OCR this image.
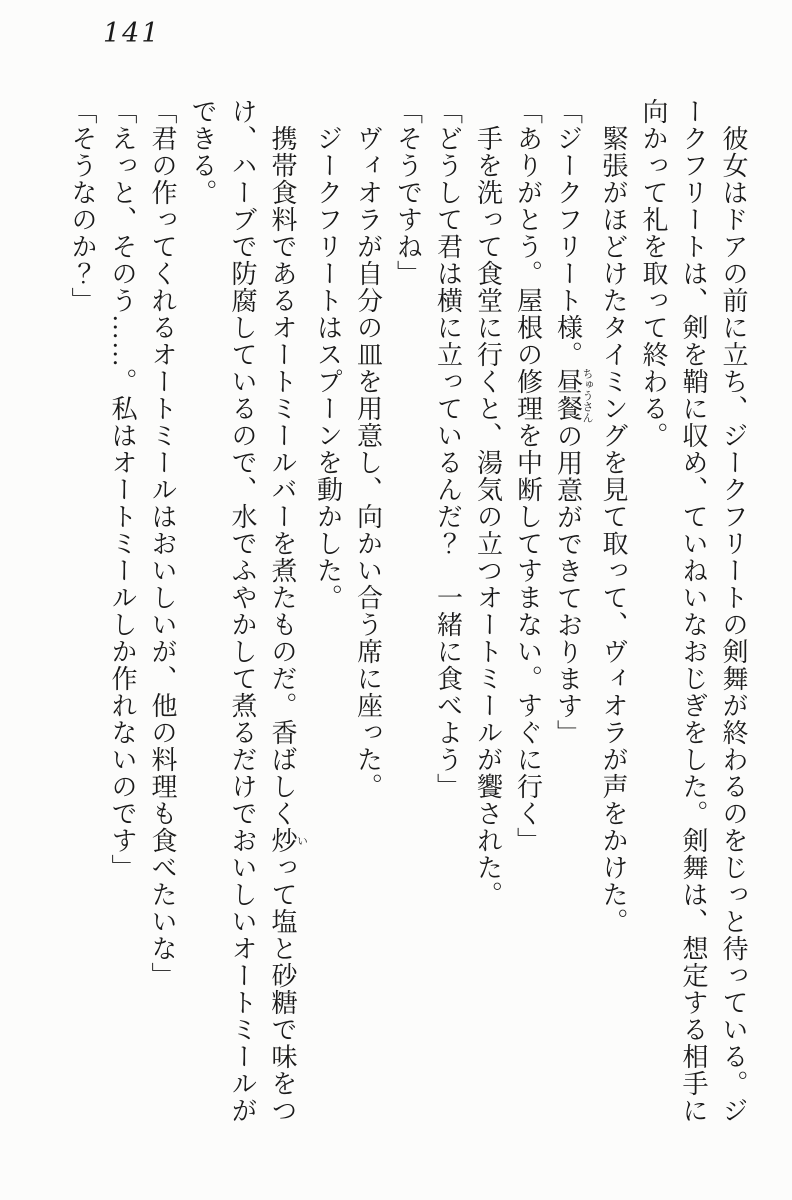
141

彼女はドアの前に立ち、ジークフリートの剣舞が終わるのをじっと待っている。ジークフリートは、剣を鞘に収め、ていねいなおじぎをした。剣舞は、想定する相手に向かって礼を取って終わる。

緊張がほどけたタイミングを見て取って、ヴィオラが声をかけた。

「ジークフリート様。昼餐ちゅうさんの用意ができております」

「ありがとう。屋根の修理を中断してすまない。すぐに行く」

手を洗って食堂に行くと、湯気の立つオートミールが饗された。

「どうして君は横に立っているんだ？　一緒に食べよう」

「そうですね」

ヴィオラが自分の皿を用意し、向かい合う席に座った。

ジークフリートはスプーンを動かした。

携帯食料であるオートミールバーを煮たものだ。香ばしく炒いって塩と砂糖で味をつけ、ハーブで防腐しているので、水でふやかして煮るだけでおいしいオートミールができる。

「君の作ってくれるオートミールはおいしいが、他の料理も食べたいな」

「えっと、そのう……。私はオートミールしか作れないのです」

「そうなのか？」
